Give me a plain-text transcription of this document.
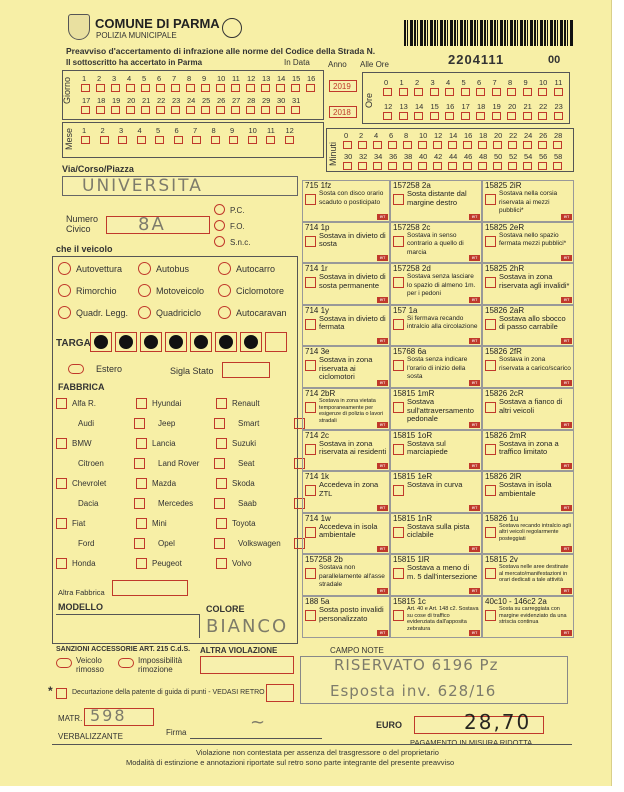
COMUNE DI PARMA
POLIZIA MUNICIPALE
Preavviso d'accertamento di infrazione alle norme del Codice della Strada N.
2204111	00
Il sottoscritto ha accertato in Parma	In Data Anno Alle Ore
Giorno 1 2 3 4 5 6 7 8 9 10 11 12 13 14 15 16
17 18 19 20 21 22 23 24 25 26 27 28 29 30 31
Mese 1 2 3 4 5 6 7 8 9 10 11 12
2019
2018
Ore
0 1 2 3 4 5 6 7 8 9 10 11
12 13 14 15 16 17 18 19 20 21 22 23
Minuti
0 2 4 6 8 10 12 14 16 18 20 22 24 26 28
30 32 34 36 38 40 42 44 46 48 50 52 54 56 58
Via/Corso/Piazza
UNIVERSITA
Numero Civico	8A
P.C.
F.O.
S.n.c.
che il veicolo
Autovettura	Autobus	Autocarro
Rimorchio	Motoveicolo	Ciclomotore
Quadr. Legg.	Quadriciclo	Autocaravan
TARGA
Estero	Sigla Stato
FABBRICA
Alfa R.	Hyundai	Renault
Audi	Jeep	Smart
BMW	Lancia	Suzuki
Citroen	Land Rover	Seat
Chevrolet	Mazda	Skoda
Dacia	Mercedes	Saab
Fiat	Mini	Toyota
Ford	Opel	Volkswagen
Honda	Peugeot	Volvo
Altra Fabbrica
MODELLO	COLORE
BIANCO
715 1fz
Sosta con disco orario scaduto o posticipato
err
157258 2a
Sosta distante dal margine destro
err
15825 2iR
Sostava nella corsia riservata ai mezzi pubblici*
err
714 1p
Sostava in divieto di sosta
err
157258 2c
Sostava in senso contrario a quello di marcia
err
15825 2eR
Sostava nello spazio fermata mezzi pubblici*
err
714 1r
Sostava in divieto di sosta permanente
err
157258 2d
Sostava senza lasciare lo spazio di almeno 1m. per i pedoni
err
15825 2hR
Sostava in zona riservata agli invalidi*
err
714 1y
Sostava in divieto di fermata
err
157 1a
Si fermava recando intralcio alla circolazione
err
15826 2aR
Sostava allo sbocco di passo carrabile
err
714 3e
Sostava in zona riservata ai ciclomotori
err
15768 6a
Sosta senza indicare l'orario di inizio della sosta
err
15826 2fR
Sostava in zona riservata a carico/scarico
err
714 2bR
Sostava in zona vietata temporaneamente per esigenze di polizia o lavori stradali
err
15815 1mR
Sostava sull'attraversamento pedonale
err
15826 2cR
Sostava a fianco di altri veicoli
err
714 2c
Sostava in zona riservata ai residenti
err
15815 1oR
Sostava sul marciapiede
err
15826 2mR
Sostava in zona a traffico limitato
err
714 1k
Accedeva in zona ZTL
err
15815 1eR
Sostava in curva
err
15826 2lR
Sostava in isola ambientale
err
714 1w
Accedeva in isola ambientale
err
15815 1nR
Sostava sulla pista ciclabile
err
15826 1u
Sostava recando intralcio agli altri veicoli regolarmente posteggiati
err
157258 2b
Sostava non parallelamente all'asse stradale
err
15815 1lR
Sostava a meno di m. 5 dall'intersezione
err
15815 2v
Sostava nelle aree destinate al mercato/manifestazioni in orari dedicati a tale attività
err
188 5a
Sosta posto invalidi personalizzato
err
15815 1c
Art. 40 e Art. 148 c2. Sostava su cose di traffico evidenziata dall'apposita zebratura
err
40c10 - 146c2 2a
Sosta su carreggiata con margine evidenziato da una striscia continua
err
SANZIONI ACCESSORIE ART. 215 C.d.S.
Veicolo rimosso
Impossibilità rimozione
ALTRA VIOLAZIONE	CAMPO NOTE
RISERVATO 6196 Pz
Esposta inv. 628/16
*	Decurtazione della patente di guida di punti - VEDASI RETRO
MATR. 598
VERBALIZZANTE	Firma	~	EURO	28,70
PAGAMENTO IN MISURA RIDOTTA
Violazione non contestata per assenza del trasgressore o del proprietario
Modalità di estinzione e annotazioni riportate sul retro sono parte integrante del presente preavviso
